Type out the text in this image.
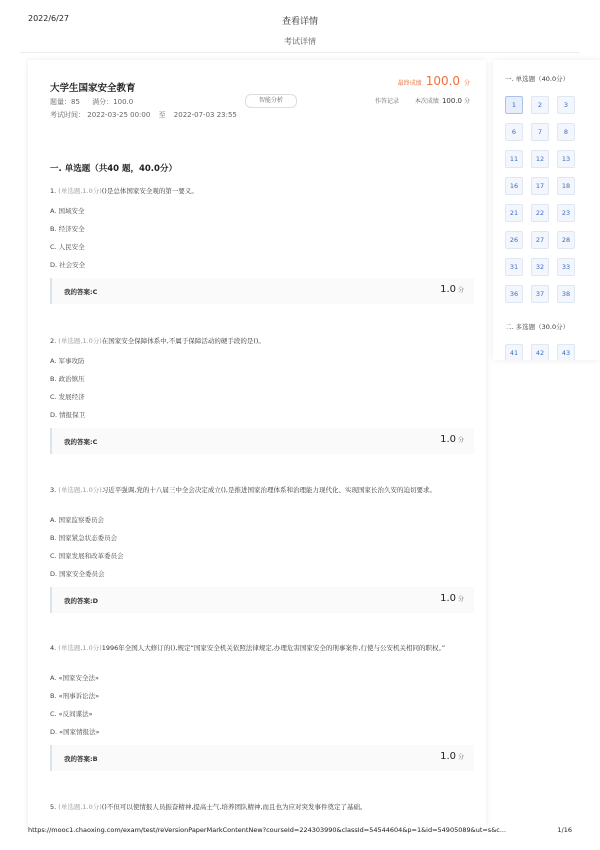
2022/6/27	查看详情
考试详情
大学生国家安全教育
题量：85 满分：100.0
考试时间： 2022-03-25 00:00 至 2022-07-03 23:55
智能分析
最终成绩 100.0 分
作答记录	本次成绩 100.0 分
一. 单选题（共40 题，40.0分）
1. (单选题,1.0分)()是总体国家安全观的第一要义。
A. 国域安全
B. 经济安全
C. 人民安全
D. 社会安全
我的答案:C	1.0 分
2. (单选题,1.0分)在国家安全保障体系中,不属于保障活动的硬手段的是()。
A. 军事攻防
B. 政治镇压
C. 发展经济
D. 情报保卫
我的答案:C	1.0 分
3. (单选题,1.0分)习近平强调,党的十八届三中全会决定成立(),是推进国家治理体系和治理能力现代化、实现国家长治久安的迫切要求。
A. 国家监察委员会
B. 国家紧急状态委员会
C. 国家发展和改革委员会
D. 国家安全委员会
我的答案:D	1.0 分
4. (单选题,1.0分)1996年全国人大修订的(),规定“国家安全机关依照法律规定,办理危害国家安全的刑事案件,行使与公安机关相同的职权。”
A. «国家安全法»
B. «刑事诉讼法»
C. «反间谍法»
D. «国家情报法»
我的答案:B	1.0 分
5. (单选题,1.0分)()不但可以使情报人员振奋精神,提高士气,培养团队精神,而且也为应对突发事件奠定了基础。
一. 单选题（40.0分）
1	2	3
6	7	8
11	12	13
16	17	18
21	22	23
26	27	28
31	32	33
36	37	38
二. 多选题（30.0分）
41	42	43
https://mooc1.chaoxing.com/exam/test/reVersionPaperMarkContentNew?courseId=224303990&classId=54544604&p=1&id=54905089&ut=s&c...	1/16
